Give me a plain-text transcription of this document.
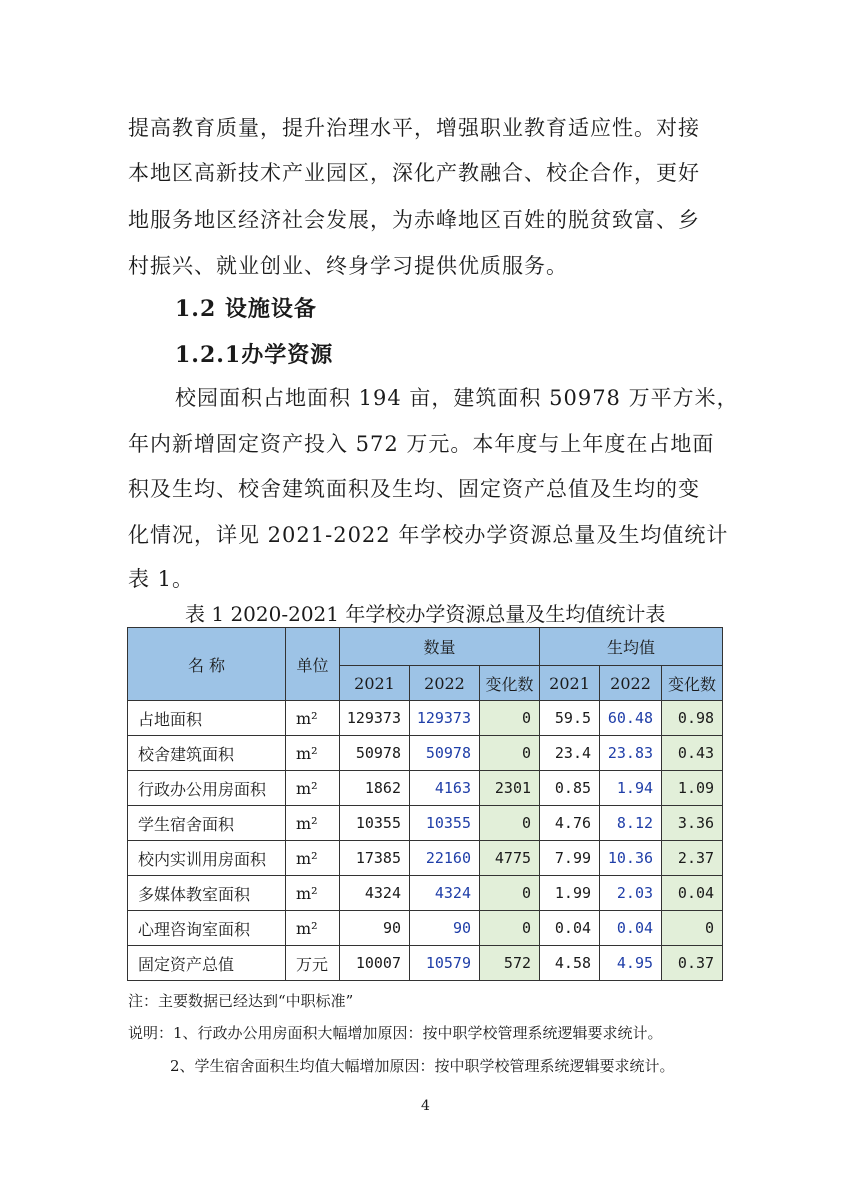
提高教育质量，提升治理水平，增强职业教育适应性。对接
本地区高新技术产业园区，深化产教融合、校企合作，更好
地服务地区经济社会发展，为赤峰地区百姓的脱贫致富、乡
村振兴、就业创业、终身学习提供优质服务。
1.2 设施设备
1.2.1办学资源
校园面积占地面积 194 亩，建筑面积 50978 万平方米，
年内新增固定资产投入 572 万元。本年度与上年度在占地面
积及生均、校舍建筑面积及生均、固定资产总值及生均的变
化情况，详见 2021-2022 年学校办学资源总量及生均值统计
表 1。
表 1 2020-2021 年学校办学资源总量及生均值统计表
名 称	单位	数量			生均值		
		2021	2022	变化数	2021	2022	变化数
占地面积	m²	129373	129373	0	59.5	60.48	0.98
校舍建筑面积	m²	50978	50978	0	23.4	23.83	0.43
行政办公用房面积	m²	1862	4163	2301	0.85	1.94	1.09
学生宿舍面积	m²	10355	10355	0	4.76	8.12	3.36
校内实训用房面积	m²	17385	22160	4775	7.99	10.36	2.37
多媒体教室面积	m²	4324	4324	0	1.99	2.03	0.04
心理咨询室面积	m²	90	90	0	0.04	0.04	0
固定资产总值	万元	10007	10579	572	4.58	4.95	0.37
注：主要数据已经达到“中职标准”
说明：1、行政办公用房面积大幅增加原因：按中职学校管理系统逻辑要求统计。
2、学生宿舍面积生均值大幅增加原因：按中职学校管理系统逻辑要求统计。
4
